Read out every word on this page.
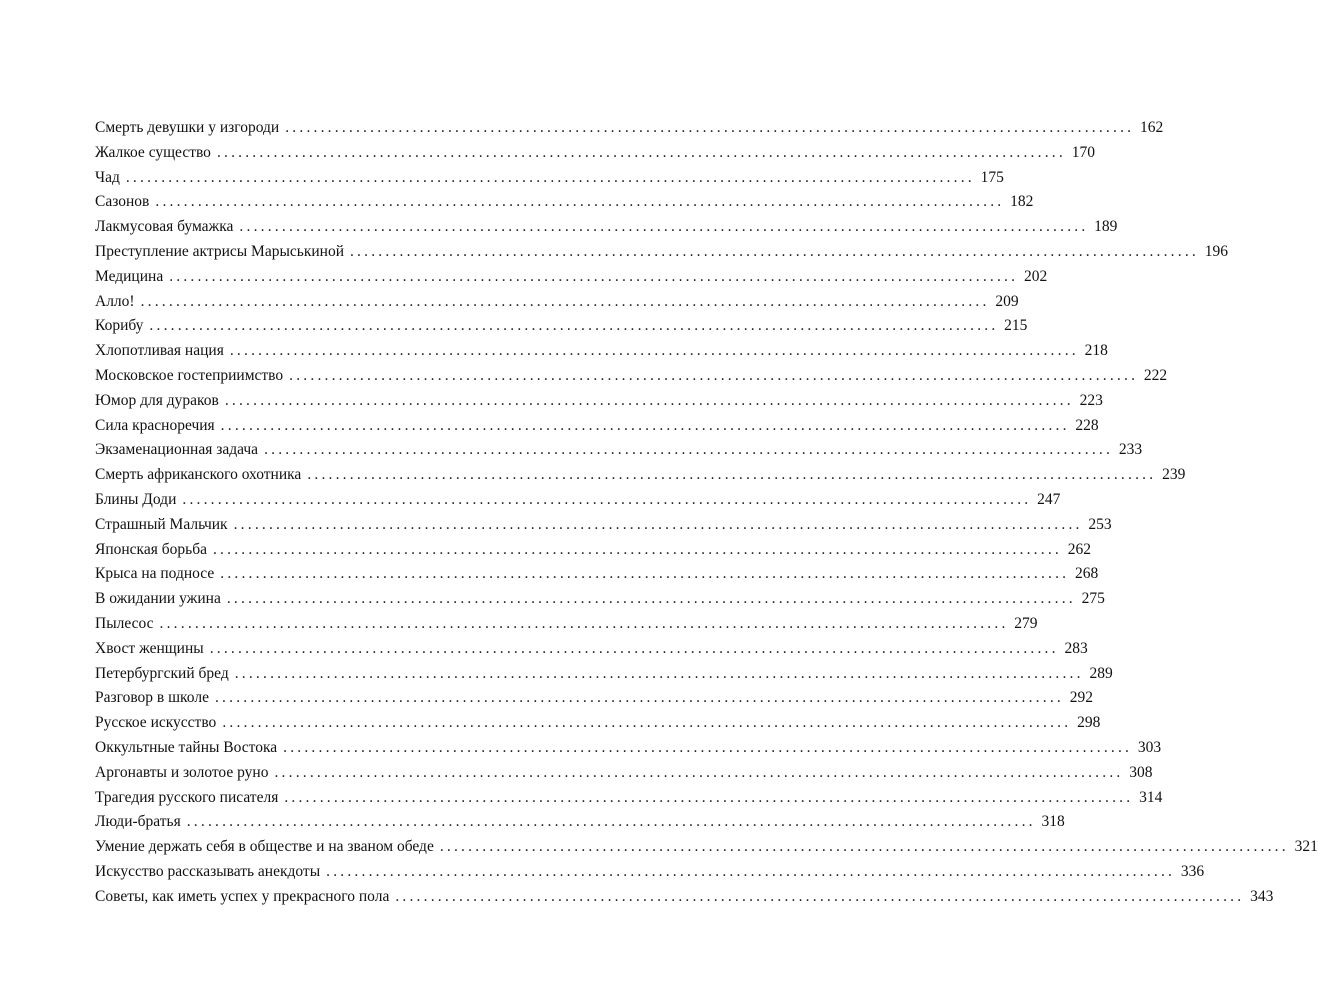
Смерть девушки у изгороди ........................................................................................................................ 162
Жалкое существо ........................................................................................................................ 170
Чад ........................................................................................................................ 175
Сазонов ........................................................................................................................ 182
Лакмусовая бумажка ........................................................................................................................ 189
Преступление актрисы Марыськиной ........................................................................................................................ 196
Медицина ........................................................................................................................ 202
Алло! ........................................................................................................................ 209
Корибу ........................................................................................................................ 215
Хлопотливая нация ........................................................................................................................ 218
Московское гостеприимство ........................................................................................................................ 222
Юмор для дураков ........................................................................................................................ 223
Сила красноречия ........................................................................................................................ 228
Экзаменационная задача ........................................................................................................................ 233
Смерть африканского охотника ........................................................................................................................ 239
Блины Доди ........................................................................................................................ 247
Страшный Мальчик ........................................................................................................................ 253
Японская борьба ........................................................................................................................ 262
Крыса на подносе ........................................................................................................................ 268
В ожидании ужина ........................................................................................................................ 275
Пылесос ........................................................................................................................ 279
Хвост женщины ........................................................................................................................ 283
Петербургский бред ........................................................................................................................ 289
Разговор в школе ........................................................................................................................ 292
Русское искусство ........................................................................................................................ 298
Оккультные тайны Востока ........................................................................................................................ 303
Аргонавты и золотое руно ........................................................................................................................ 308
Трагедия русского писателя ........................................................................................................................ 314
Люди-братья ........................................................................................................................ 318
Умение держать себя в обществе и на званом обеде ........................................................................................................................ 321
Искусство рассказывать анекдоты ........................................................................................................................ 336
Советы, как иметь успех у прекрасного пола ........................................................................................................................ 343
